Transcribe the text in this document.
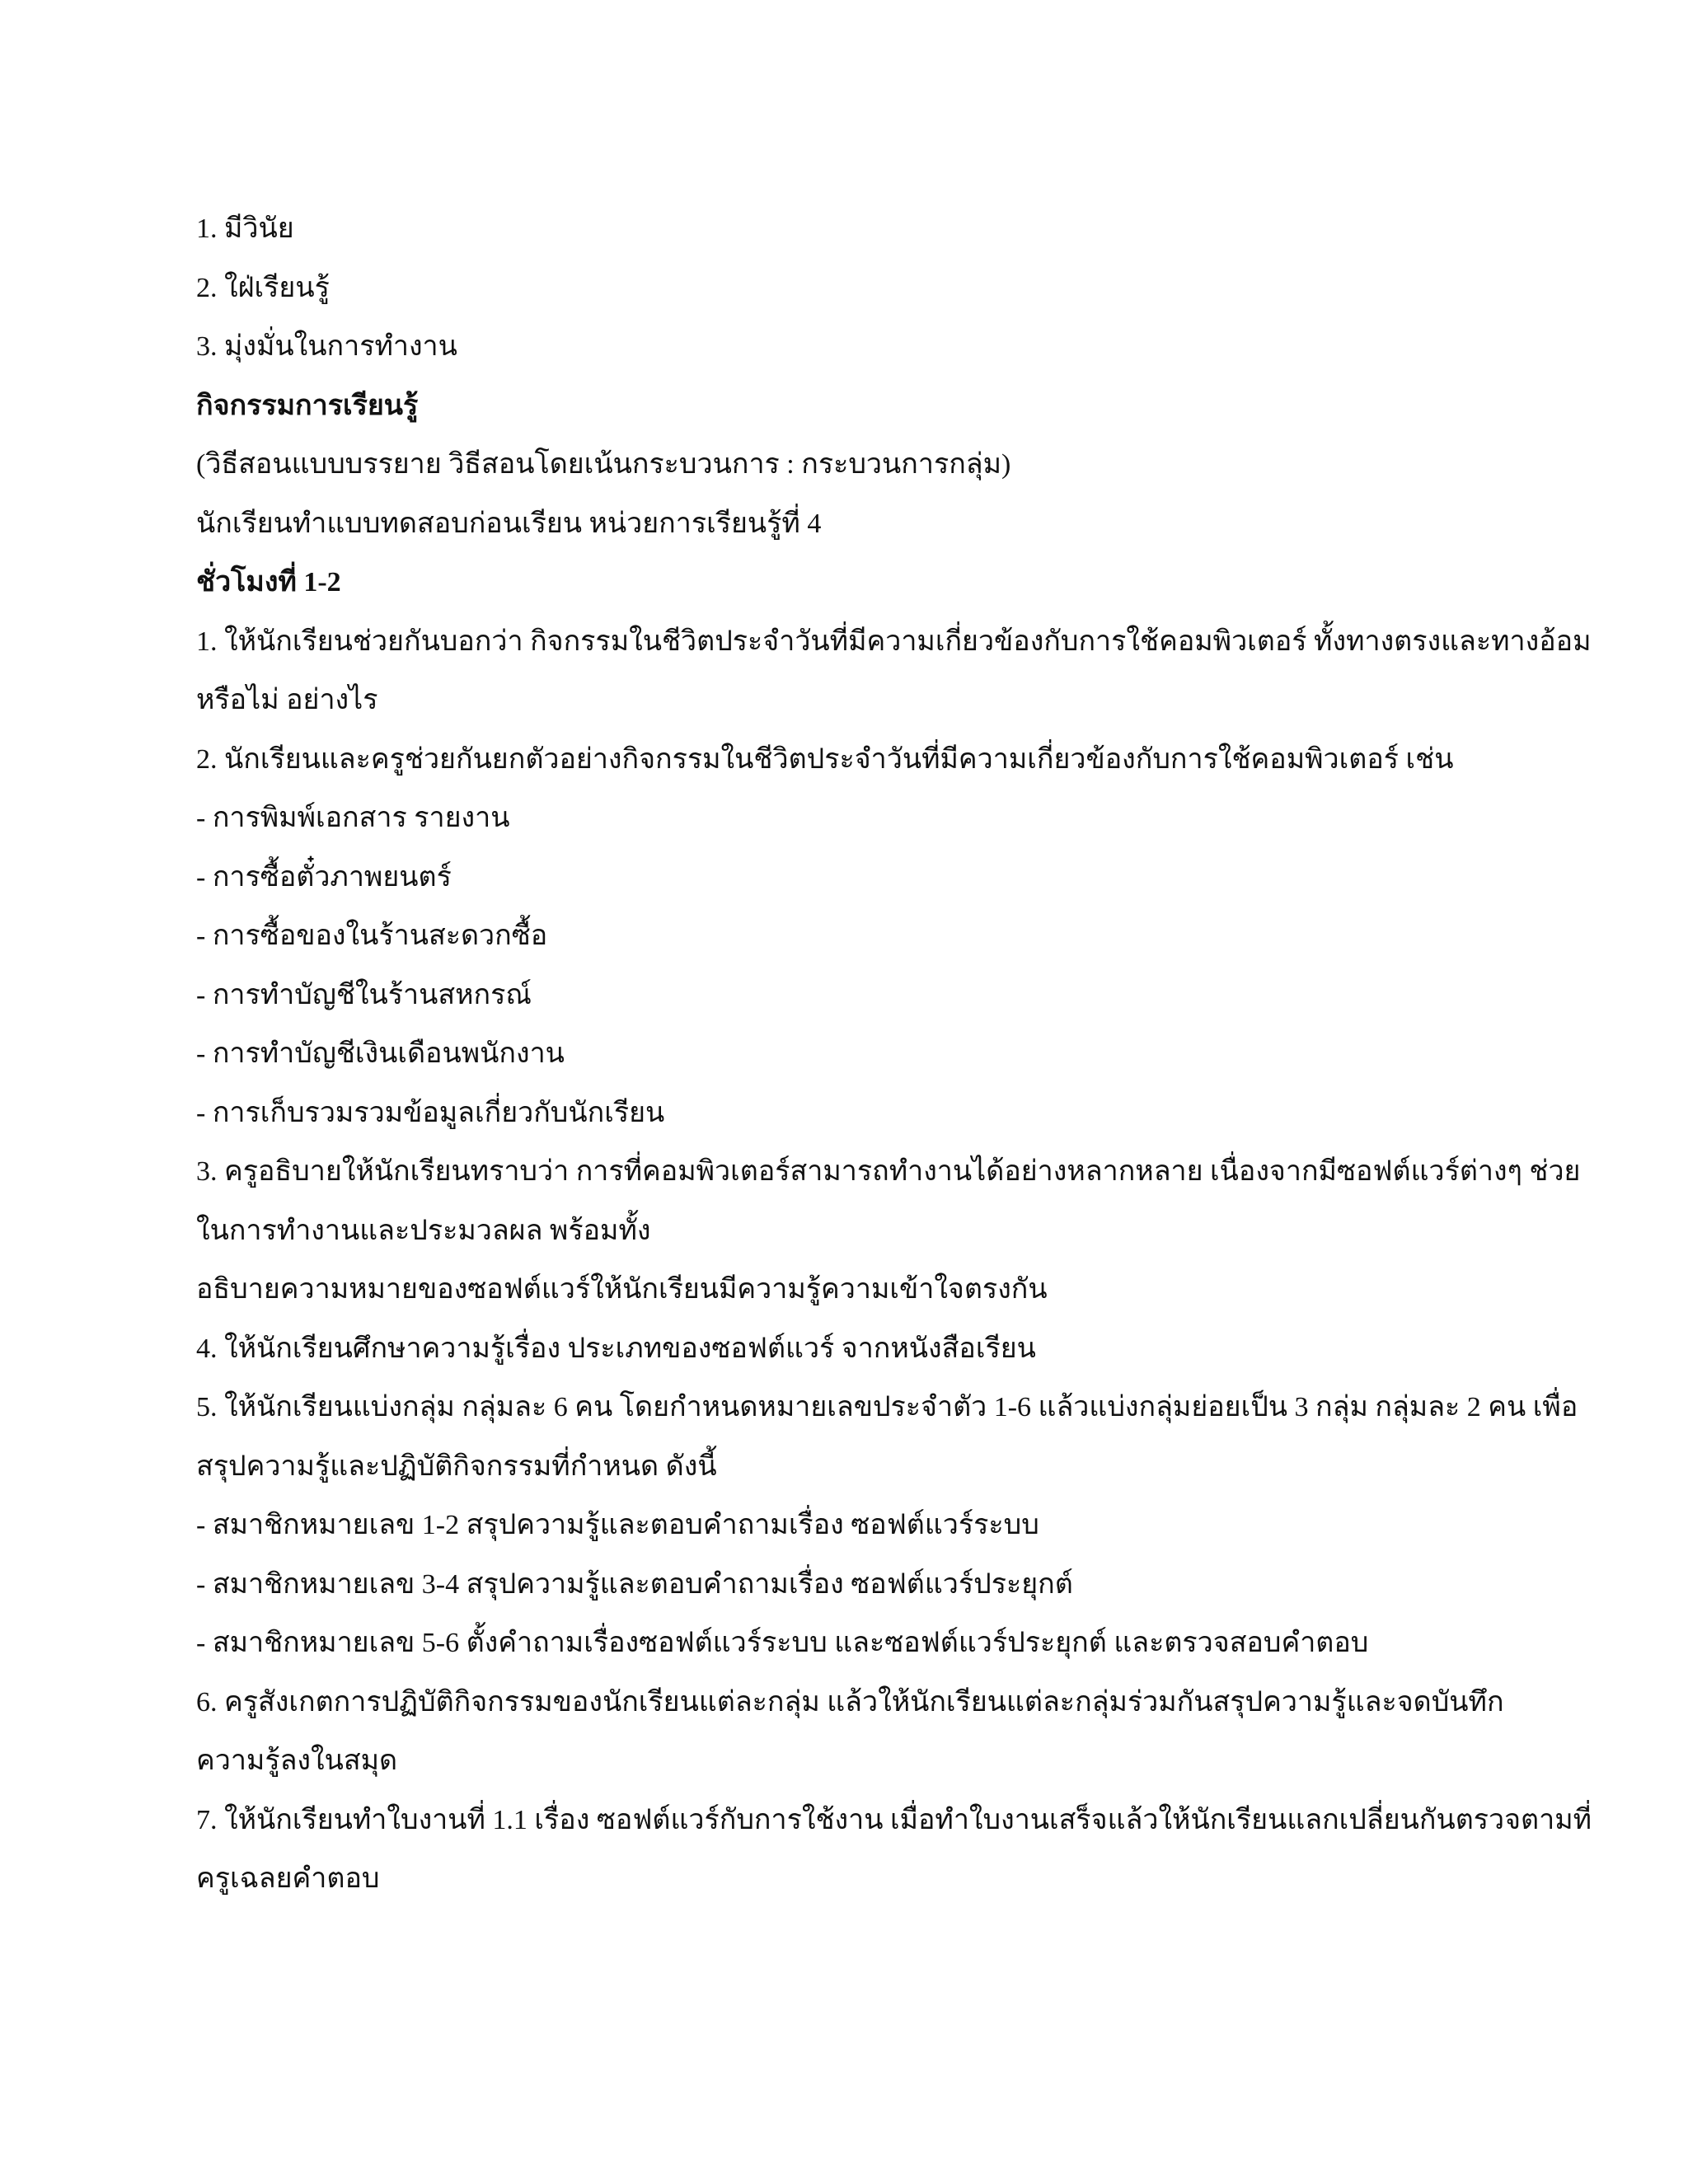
1. มีวินัย
2. ใฝ่เรียนรู้
3. มุ่งมั่นในการทำงาน
กิจกรรมการเรียนรู้
(วิธีสอนแบบบรรยาย วิธีสอนโดยเน้นกระบวนการ : กระบวนการกลุ่ม)
นักเรียนทำแบบทดสอบก่อนเรียน หน่วยการเรียนรู้ที่ 4
ชั่วโมงที่ 1-2
1. ให้นักเรียนช่วยกันบอกว่า กิจกรรมในชีวิตประจำวันที่มีความเกี่ยวข้องกับการใช้คอมพิวเตอร์ ทั้งทางตรงและทางอ้อม
หรือไม่ อย่างไร
2. นักเรียนและครูช่วยกันยกตัวอย่างกิจกรรมในชีวิตประจำวันที่มีความเกี่ยวข้องกับการใช้คอมพิวเตอร์ เช่น
- การพิมพ์เอกสาร รายงาน
- การซื้อตั๋วภาพยนตร์
- การซื้อของในร้านสะดวกซื้อ
- การทำบัญชีในร้านสหกรณ์
- การทำบัญชีเงินเดือนพนักงาน
- การเก็บรวมรวมข้อมูลเกี่ยวกับนักเรียน
3. ครูอธิบายให้นักเรียนทราบว่า การที่คอมพิวเตอร์สามารถทำงานได้อย่างหลากหลาย เนื่องจากมีซอฟต์แวร์ต่างๆ ช่วย
ในการทำงานและประมวลผล พร้อมทั้ง
อธิบายความหมายของซอฟต์แวร์ให้นักเรียนมีความรู้ความเข้าใจตรงกัน
4. ให้นักเรียนศึกษาความรู้เรื่อง ประเภทของซอฟต์แวร์ จากหนังสือเรียน
5. ให้นักเรียนแบ่งกลุ่ม กลุ่มละ 6 คน โดยกำหนดหมายเลขประจำตัว 1-6 แล้วแบ่งกลุ่มย่อยเป็น 3 กลุ่ม กลุ่มละ 2 คน เพื่อ
สรุปความรู้และปฏิบัติกิจกรรมที่กำหนด ดังนี้
- สมาชิกหมายเลข 1-2 สรุปความรู้และตอบคำถามเรื่อง ซอฟต์แวร์ระบบ
- สมาชิกหมายเลข 3-4 สรุปความรู้และตอบคำถามเรื่อง ซอฟต์แวร์ประยุกต์
- สมาชิกหมายเลข 5-6 ตั้งคำถามเรื่องซอฟต์แวร์ระบบ และซอฟต์แวร์ประยุกต์ และตรวจสอบคำตอบ
6. ครูสังเกตการปฏิบัติกิจกรรมของนักเรียนแต่ละกลุ่ม แล้วให้นักเรียนแต่ละกลุ่มร่วมกันสรุปความรู้และจดบันทึก
ความรู้ลงในสมุด
7. ให้นักเรียนทำใบงานที่ 1.1 เรื่อง ซอฟต์แวร์กับการใช้งาน เมื่อทำใบงานเสร็จแล้วให้นักเรียนแลกเปลี่ยนกันตรวจตามที่
ครูเฉลยคำตอบ
